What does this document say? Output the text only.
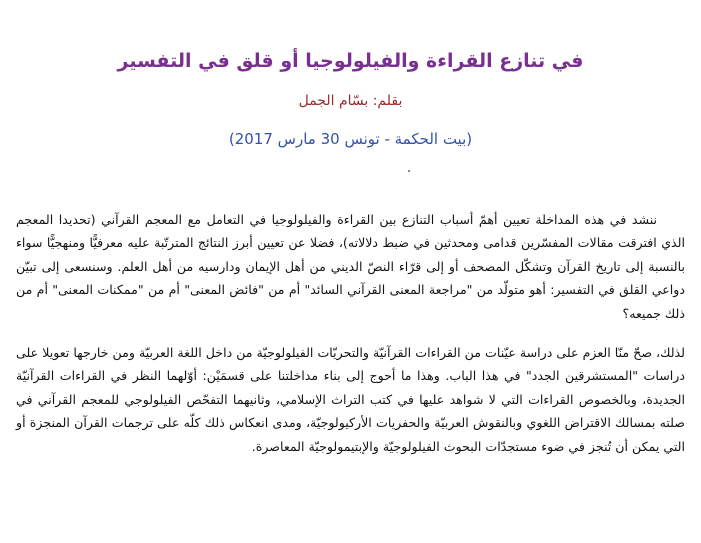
في تنازع القراءة والفيلولوجيا أو قلق في التفسير

بقلم: بسّام الجمل

(بيت الحكمة - تونس 30 مارس 2017)

ننشد في هذه المداخلة تعيين أهمّ أسباب التنازع بين القراءة والفيلولوجيا في التعامل مع المعجم القرآني (تحديدا المعجم الذي افترقت مقالات المفسّرين قدامى ومحدثين في ضبط دلالاته)، فضلا عن تعيين أبرز النتائج المترتّبة عليه معرفيًّا ومنهجيًّا سواء بالنسبة إلى تاريخ القرآن وتشكّل المصحف أو إلى قرّاء النصّ الديني من أهل الإيمان ودارسيه من أهل العلم. وسنسعى إلى تبيّن دواعي القلق في التفسير: أهو متولّد من "مراجعة المعنى القرآني السائد" أم من "فائض المعنى" أم من "ممكنات المعنى" أم من ذلك جميعه؟

لذلك، صحّ منّا العزم على دراسة عيّنات من القراءات القرآنيّة والتحريّات الفيلولوجيّة من داخل اللغة العربيّة ومن خارجها تعويلا على دراسات "المستشرقين الجدد" في هذا الباب. وهذا ما أحوج إلى بناء مداخلتنا على قسمَيْن: أوّلهما النظر في القراءات القرآنيّة الجديدة، وبالخصوص القراءات التي لا شواهد عليها في كتب التراث الإسلامي، وثانيهما التفحّص الفيلولوجي للمعجم القرآني في صلته بمسالك الاقتراض اللغوي وبالنقوش العربيّة والحفريات الأركيولوجيّة، ومدى انعكاس ذلك كلّه على ترجمات القرآن المنجزة أو التي يمكن أن تُنجز في ضوء مستجدّات البحوث الفيلولوجيّة والإبتيمولوجيّة المعاصرة.
